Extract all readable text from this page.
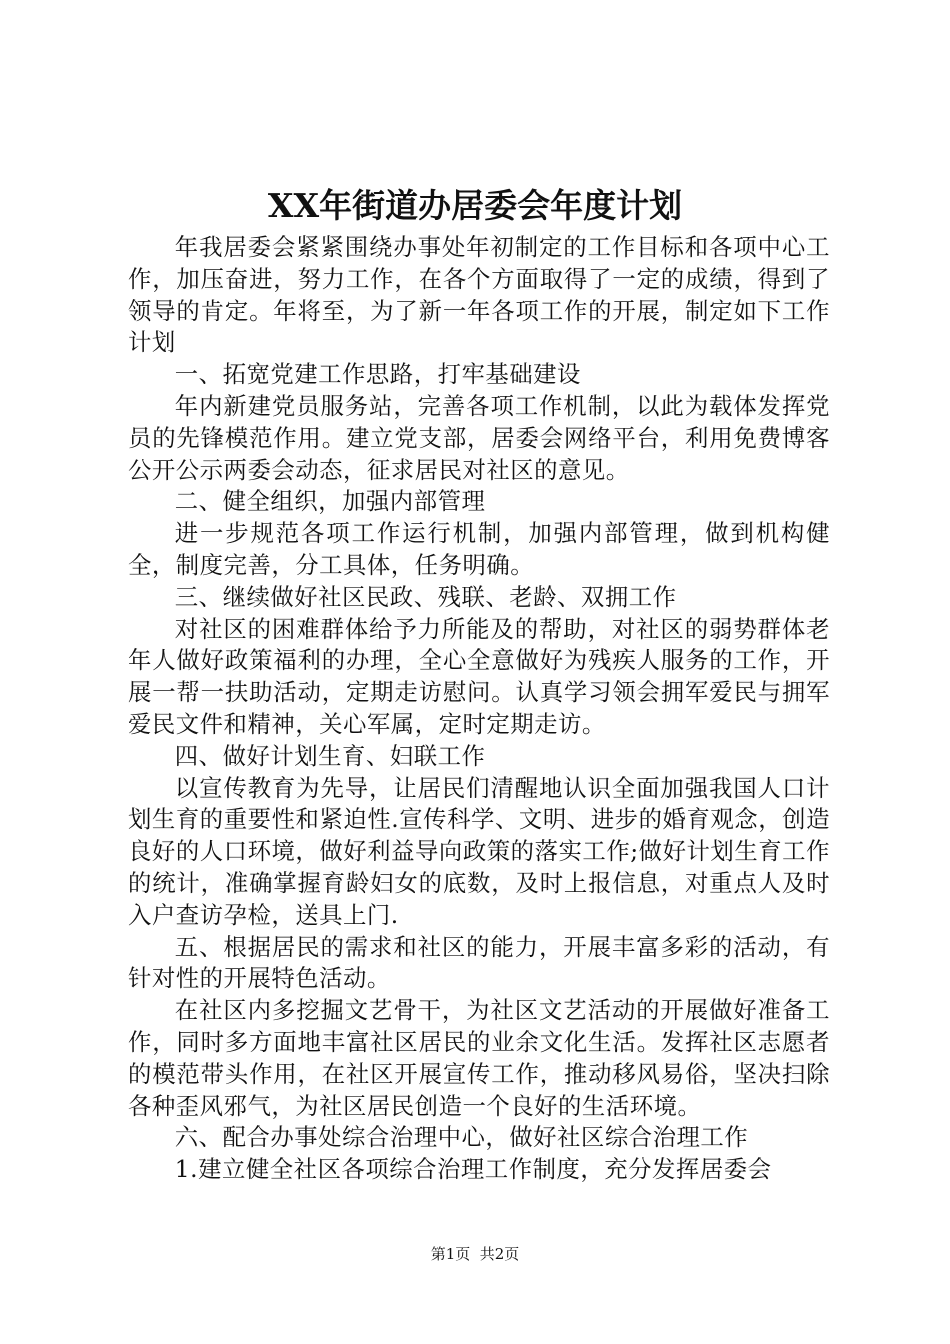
XX年街道办居委会年度计划

年我居委会紧紧围绕办事处年初制定的工作目标和各项中心工作，加压奋进，努力工作，在各个方面取得了一定的成绩，得到了领导的肯定。年将至，为了新一年各项工作的开展，制定如下工作计划

一、拓宽党建工作思路，打牢基础建设

年内新建党员服务站，完善各项工作机制，以此为载体发挥党员的先锋模范作用。建立党支部，居委会网络平台，利用免费博客公开公示两委会动态，征求居民对社区的意见。

二、健全组织，加强内部管理

进一步规范各项工作运行机制，加强内部管理，做到机构健全，制度完善，分工具体，任务明确。

三、继续做好社区民政、残联、老龄、双拥工作

对社区的困难群体给予力所能及的帮助，对社区的弱势群体老年人做好政策福利的办理，全心全意做好为残疾人服务的工作，开展一帮一扶助活动，定期走访慰问。认真学习领会拥军爱民与拥军爱民文件和精神，关心军属，定时定期走访。

四、做好计划生育、妇联工作

以宣传教育为先导，让居民们清醒地认识全面加强我国人口计划生育的重要性和紧迫性.宣传科学、文明、进步的婚育观念，创造良好的人口环境，做好利益导向政策的落实工作;做好计划生育工作的统计，准确掌握育龄妇女的底数，及时上报信息，对重点人及时入户查访孕检，送具上门.

五、根据居民的需求和社区的能力，开展丰富多彩的活动，有针对性的开展特色活动。

在社区内多挖掘文艺骨干，为社区文艺活动的开展做好准备工作，同时多方面地丰富社区居民的业余文化生活。发挥社区志愿者的模范带头作用，在社区开展宣传工作，推动移风易俗，坚决扫除各种歪风邪气，为社区居民创造一个良好的生活环境。

六、配合办事处综合治理中心，做好社区综合治理工作

1.建立健全社区各项综合治理工作制度，充分发挥居委会

第1页  共2页
